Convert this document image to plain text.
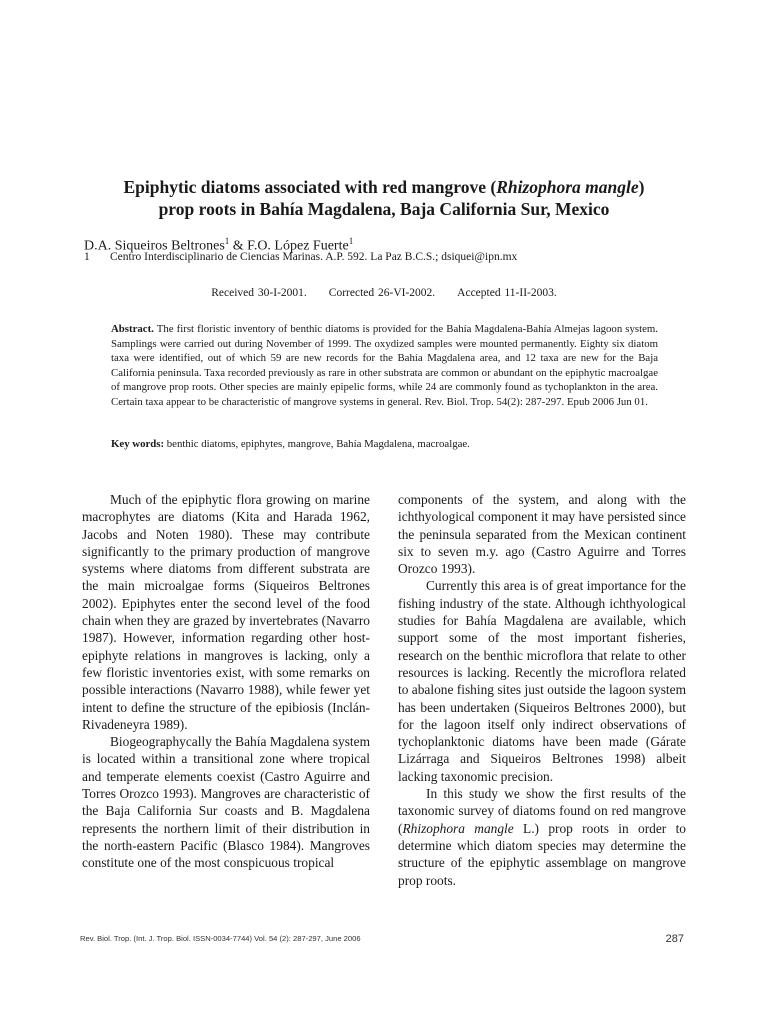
Epiphytic diatoms associated with red mangrove (Rhizophora mangle)
prop roots in Bahía Magdalena, Baja California Sur, Mexico
D.A. Siqueiros Beltrones$^1$ & F.O. López Fuerte$^1$
1 Centro Interdisciplinario de Ciencias Marinas. A.P. 592. La Paz B.C.S.; dsiquei@ipn.mx
Received 30-I-2001. Corrected 26-VI-2002. Accepted 11-II-2003.
Abstract. The first floristic inventory of benthic diatoms is provided for the Bahía Magdalena-Bahía Almejas lagoon system. Samplings were carried out during November of 1999. The oxydized samples were mounted permanently. Eighty six diatom taxa were identified, out of which 59 are new records for the Bahía Magdalena area, and 12 taxa are new for the Baja California peninsula. Taxa recorded previously as rare in other substrata are common or abundant on the epiphytic macroalgae of mangrove prop roots. Other species are mainly epipelic forms, while 24 are commonly found as tychoplankton in the area. Certain taxa appear to be characteristic of mangrove systems in general. Rev. Biol. Trop. 54(2): 287-297. Epub 2006 Jun 01.
Key words: benthic diatoms, epiphytes, mangrove, Bahía Magdalena, macroalgae.

Much of the epiphytic flora growing on marine macrophytes are diatoms (Kita and Harada 1962, Jacobs and Noten 1980). These may contribute significantly to the primary production of mangrove systems where diatoms from different substrata are the main microalgae forms (Siqueiros Beltrones 2002). Epiphytes enter the second level of the food chain when they are grazed by invertebrates (Navarro 1987). However, information regarding other host-epiphyte relations in mangroves is lacking, only a few floristic inventories exist, with some remarks on possible interactions (Navarro 1988), while fewer yet intent to define the structure of the epibiosis (Inclán-Rivadeneyra 1989).

Biogeographycally the Bahía Magdalena system is located within a transitional zone where tropical and temperate elements coexist (Castro Aguirre and Torres Orozco 1993). Mangroves are characteristic of the Baja California Sur coasts and B. Magdalena represents the northern limit of their distribution in the north-eastern Pacific (Blasco 1984). Mangroves constitute one of the most conspicuous tropical

components of the system, and along with the ichthyological component it may have persisted since the peninsula separated from the Mexican continent six to seven m.y. ago (Castro Aguirre and Torres Orozco 1993).

Currently this area is of great importance for the fishing industry of the state. Although ichthyological studies for Bahía Magdalena are available, which support some of the most important fisheries, research on the benthic microflora that relate to other resources is lacking. Recently the microflora related to abalone fishing sites just outside the lagoon system has been undertaken (Siqueiros Beltrones 2000), but for the lagoon itself only indirect observations of tychoplanktonic diatoms have been made (Gárate Lizárraga and Siqueiros Beltrones 1998) albeit lacking taxonomic precision.

In this study we show the first results of the taxonomic survey of diatoms found on red mangrove (Rhizophora mangle L.) prop roots in order to determine which diatom species may determine the structure of the epiphytic assemblage on mangrove prop roots.

Rev. Biol. Trop. (Int. J. Trop. Biol. ISSN-0034-7744) Vol. 54 (2): 287-297, June 2006	287
